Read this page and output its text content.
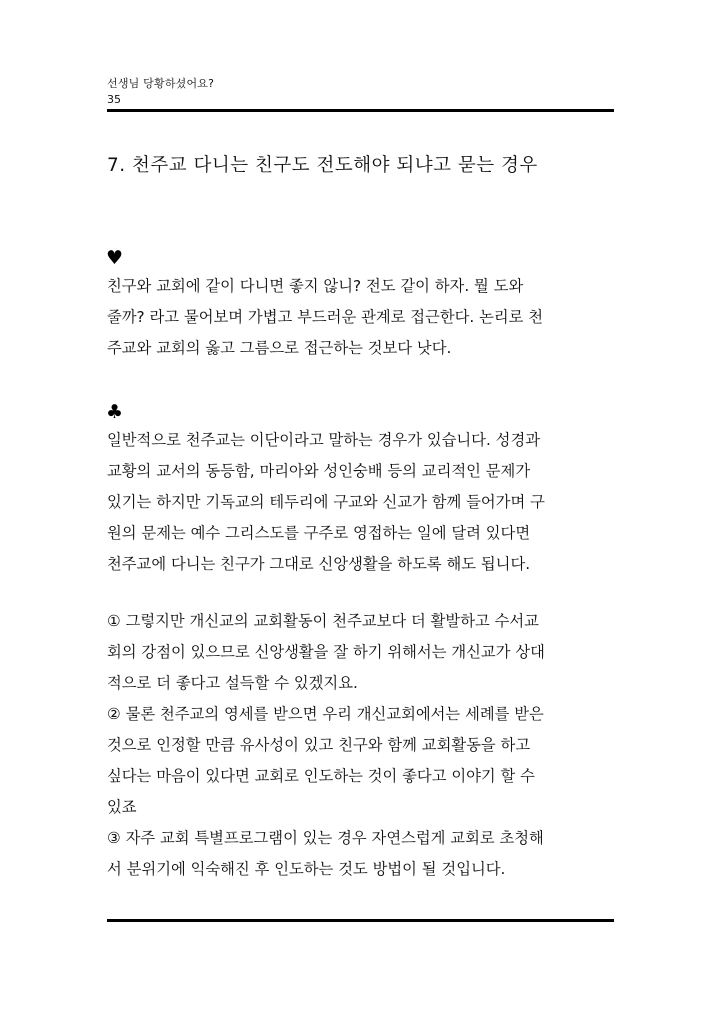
선생님 당황하셨어요?
35
7. 천주교 다니는 친구도 전도해야 되냐고 묻는 경우
♥
친구와 교회에 같이 다니면 좋지 않니? 전도 같이 하자. 뭘 도와
줄까? 라고 물어보며 가볍고 부드러운 관계로 접근한다. 논리로 천
주교와 교회의 옳고 그름으로 접근하는 것보다 낫다.
♣
일반적으로 천주교는 이단이라고 말하는 경우가 있습니다. 성경과
교황의 교서의 동등함, 마리아와 성인숭배 등의 교리적인 문제가
있기는 하지만 기독교의 테두리에 구교와 신교가 함께 들어가며 구
원의 문제는 예수 그리스도를 구주로 영접하는 일에 달려 있다면
천주교에 다니는 친구가 그대로 신앙생활을 하도록 해도 됩니다.
① 그렇지만 개신교의 교회활동이 천주교보다 더 활발하고 수서교
회의 강점이 있으므로 신앙생활을 잘 하기 위해서는 개신교가 상대
적으로 더 좋다고 설득할 수 있겠지요.
② 물론 천주교의 영세를 받으면 우리 개신교회에서는 세례를 받은
것으로 인정할 만큼 유사성이 있고 친구와 함께 교회활동을 하고
싶다는 마음이 있다면 교회로 인도하는 것이 좋다고 이야기 할 수
있죠
③ 자주 교회 특별프로그램이 있는 경우 자연스럽게 교회로 초청해
서 분위기에 익숙해진 후 인도하는 것도 방법이 될 것입니다.
